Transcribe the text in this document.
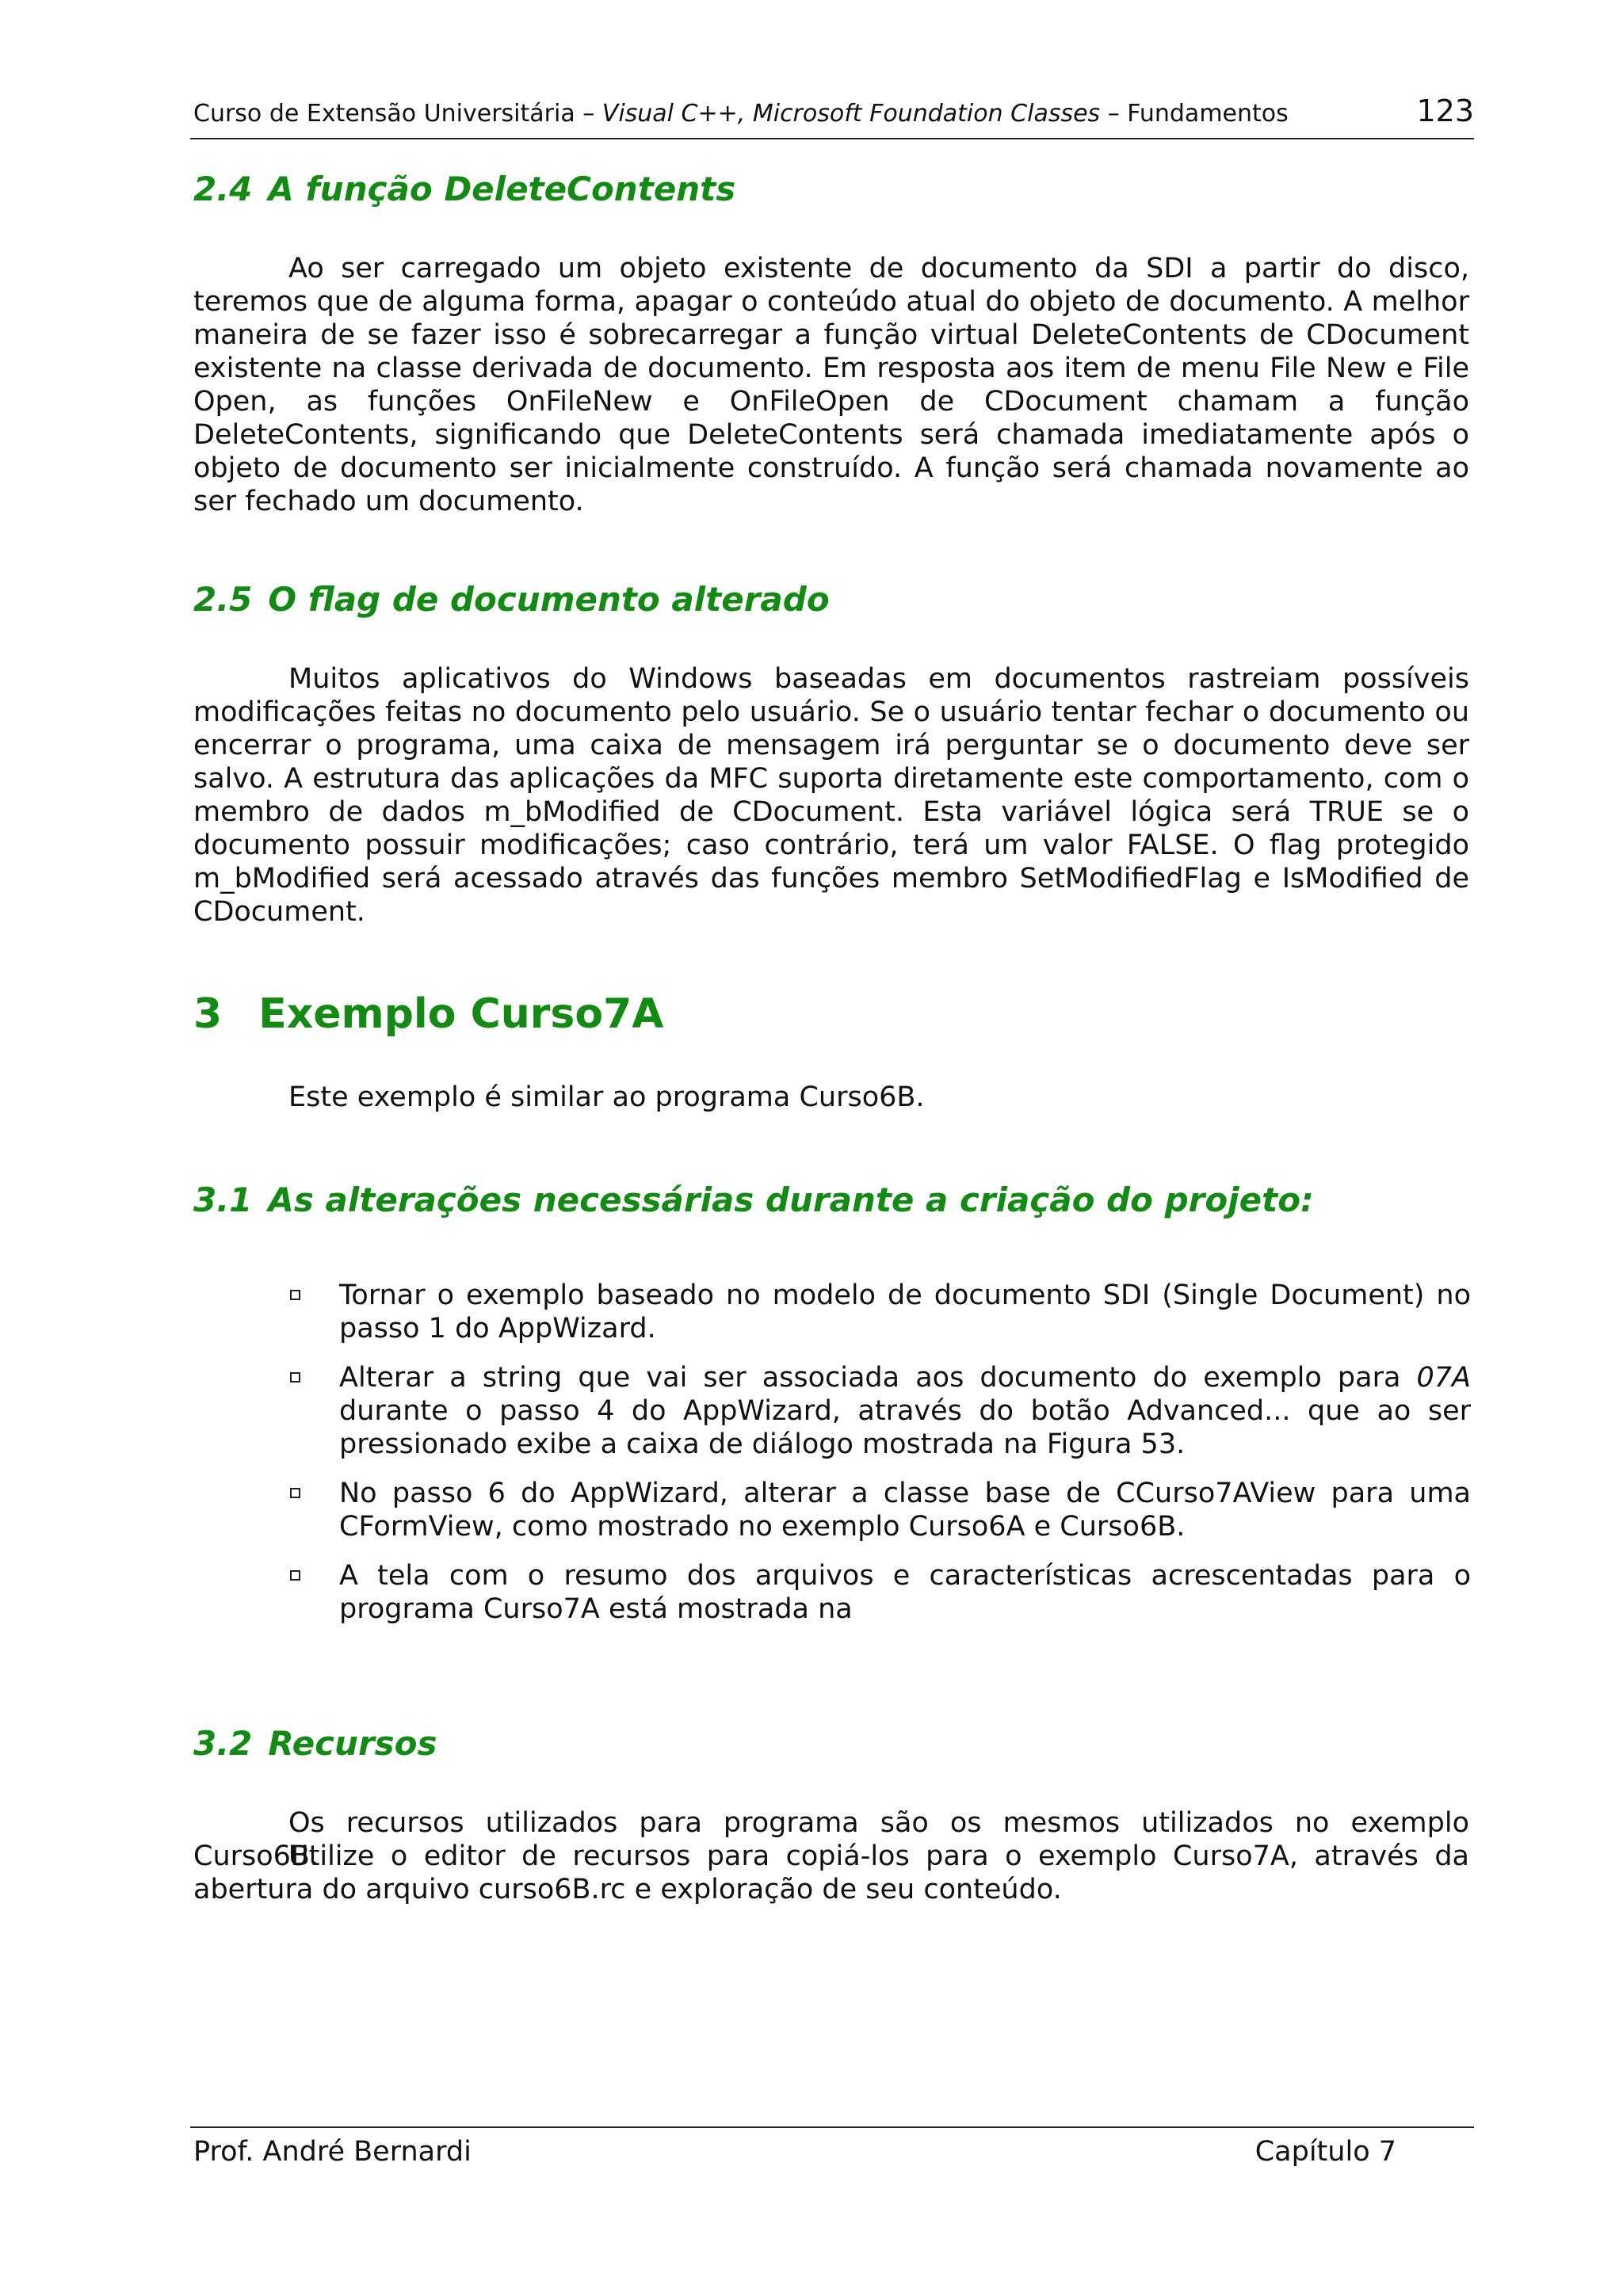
Curso de Extensão Universitária – Visual C++, Microsoft Foundation Classes – Fundamentos	123
2.4 A função DeleteContents
Ao ser carregado um objeto existente de documento da SDI a partir do disco, teremos que de alguma forma, apagar o conteúdo atual do objeto de documento. A melhor maneira de se fazer isso é sobrecarregar a função virtual DeleteContents de CDocument existente na classe derivada de documento. Em resposta aos item de menu File New e File Open, as funções OnFileNew e OnFileOpen de CDocument chamam a função DeleteContents, significando que DeleteContents será chamada imediatamente após o objeto de documento ser inicialmente construído. A função será chamada novamente ao ser fechado um documento.
2.5 O flag de documento alterado
Muitos aplicativos do Windows baseadas em documentos rastreiam possíveis modificações feitas no documento pelo usuário. Se o usuário tentar fechar o documento ou encerrar o programa, uma caixa de mensagem irá perguntar se o documento deve ser salvo. A estrutura das aplicações da MFC suporta diretamente este comportamento, com o membro de dados m_bModified de CDocument. Esta variável lógica será TRUE se o documento possuir modificações; caso contrário, terá um valor FALSE. O flag protegido m_bModified será acessado através das funções membro SetModifiedFlag e IsModified de CDocument.
3 Exemplo Curso7A
Este exemplo é similar ao programa Curso6B.
3.1 As alterações necessárias durante a criação do projeto:
Tornar o exemplo baseado no modelo de documento SDI (Single Document) no passo 1 do AppWizard.
Alterar a string que vai ser associada aos documento do exemplo para 07A durante o passo 4 do AppWizard, através do botão Advanced... que ao ser pressionado exibe a caixa de diálogo mostrada na Figura 53.
No passo 6 do AppWizard, alterar a classe base de CCurso7AView para uma CFormView, como mostrado no exemplo Curso6A e Curso6B.
A tela com o resumo dos arquivos e características acrescentadas para o programa Curso7A está mostrada na
3.2 Recursos
Os recursos utilizados para programa são os mesmos utilizados no exemplo Curso6B.
Utilize o editor de recursos para copiá-los para o exemplo Curso7A, através da abertura do arquivo curso6B.rc e exploração de seu conteúdo.
Prof. André Bernardi	Capítulo 7
